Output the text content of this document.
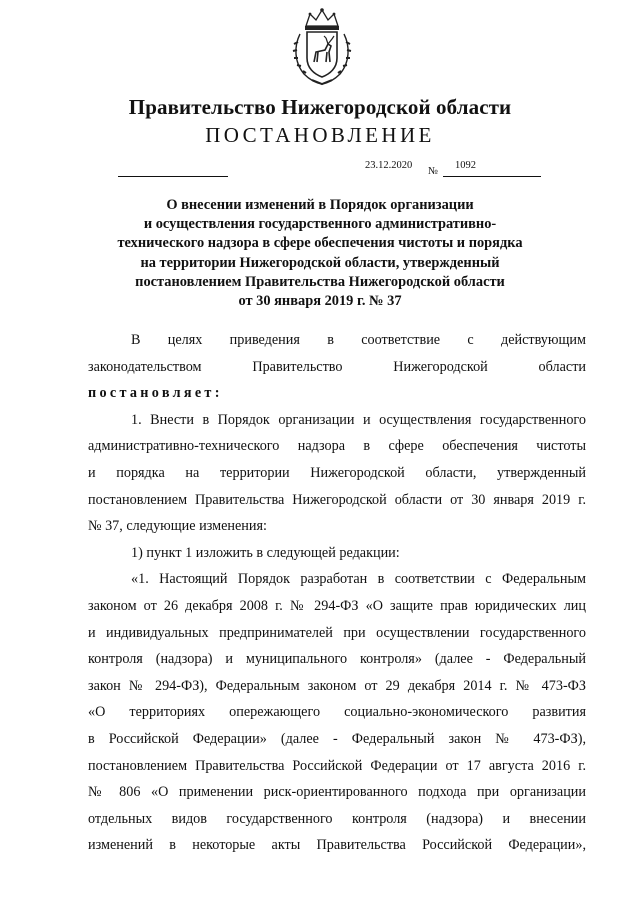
Правительство Нижегородской области
ПОСТАНОВЛЕНИЕ
23.12.2020
№
1092
О внесении изменений в Порядок организации
и осуществления государственного административно-
технического надзора в сфере обеспечения чистоты и порядка
на территории Нижегородской области, утвержденный
постановлением Правительства Нижегородской области
от 30 января 2019 г. № 37
В целях приведения в соответствие с действующим
законодательством Правительство Нижегородской области
постановляет:
1. Внести в Порядок организации и осуществления государственного
административно-технического надзора в сфере обеспечения чистоты
и порядка на территории Нижегородской области, утвержденный
постановлением Правительства Нижегородской области от 30 января 2019 г.
№ 37, следующие изменения:
1) пункт 1 изложить в следующей редакции:
«1. Настоящий Порядок разработан в соответствии с Федеральным
законом от 26 декабря 2008 г. № 294-ФЗ «О защите прав юридических лиц
и индивидуальных предпринимателей при осуществлении государственного
контроля (надзора) и муниципального контроля» (далее - Федеральный
закон № 294-ФЗ), Федеральным законом от 29 декабря 2014 г. № 473-ФЗ
«О территориях опережающего социально-экономического развития
в Российской Федерации» (далее - Федеральный закон № 473-ФЗ),
постановлением Правительства Российской Федерации от 17 августа 2016 г.
№ 806 «О применении риск-ориентированного подхода при организации
отдельных видов государственного контроля (надзора) и внесении
изменений в некоторые акты Правительства Российской Федерации»,
